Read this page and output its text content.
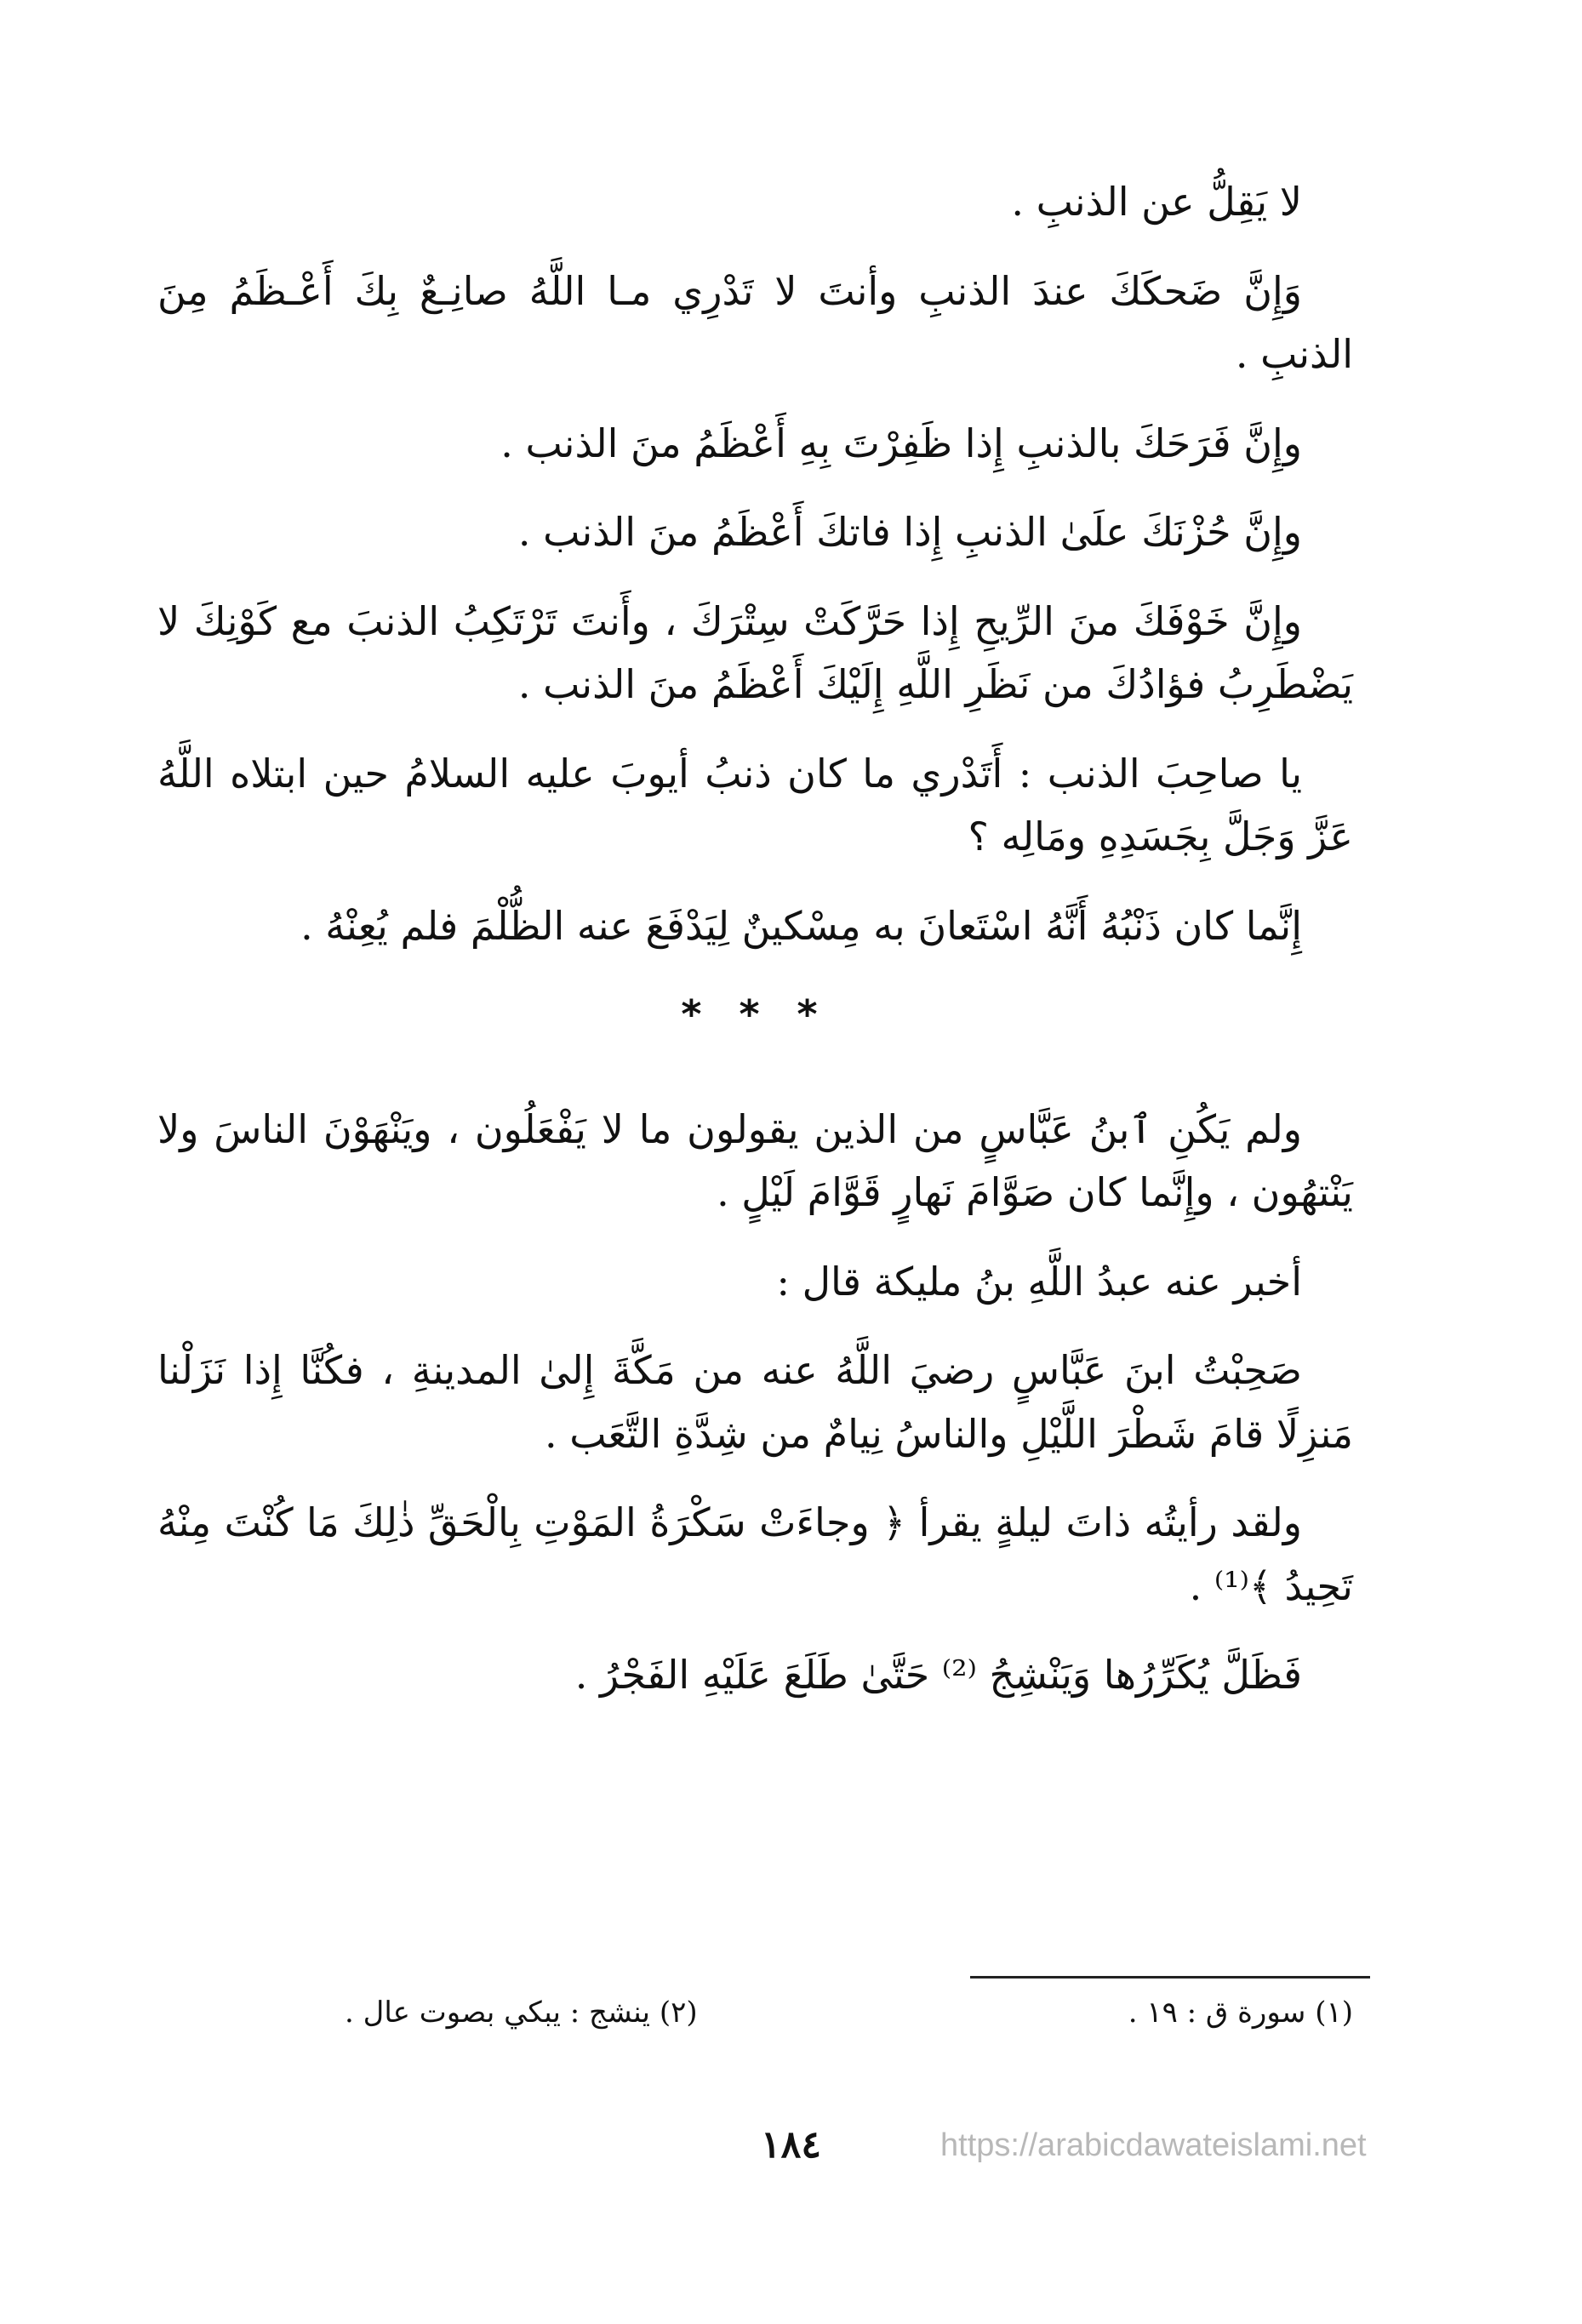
لا يَقِلُّ عن الذنبِ .

وَإِنَّ ضَحكَكَ عندَ الذنبِ وأنتَ لا تَدْرِي مـا اللَّهُ صانِـعٌ بِكَ أَعْـظَمُ مِنَ الذنبِ .

وإِنَّ فَرَحَكَ بالذنبِ إِذا ظَفِرْتَ بِهِ أَعْظَمُ منَ الذنب .

وإِنَّ حُزْنَكَ علَىٰ الذنبِ إِذا فاتكَ أَعْظَمُ منَ الذنب .

وإِنَّ خَوْفَكَ منَ الرِّيحِ إِذا حَرَّكَتْ سِتْرَكَ ، وأَنتَ تَرْتَكِبُ الذنبَ مع كَوْنِكَ لا يَضْطَرِبُ فؤادُكَ من نَظَرِ اللَّهِ إِلَيْكَ أَعْظَمُ منَ الذنب .

يا صاحِبَ الذنب : أَتَدْري ما كان ذنبُ أيوبَ عليه السلامُ حين ابتلاه اللَّهُ عَزَّ وَجَلَّ بِجَسَدِهِ ومَالِه ؟

إِنَّما كان ذَنْبُهُ أَنَّهُ اسْتَعانَ به مِسْكينٌ لِيَدْفَعَ عنه الظُّلْمَ فلم يُعِنْهُ .

* * *

ولم يَكُنِ ٱبنُ عَبَّاسٍ من الذين يقولون ما لا يَفْعَلُون ، ويَنْهَوْنَ الناسَ ولا يَنْتهُون ، وإِنَّما كان صَوَّامَ نَهارٍ قَوَّامَ لَيْلٍ .

أخبر عنه عبدُ اللَّهِ بنُ مليكة قال :

صَحِبْتُ ابنَ عَبَّاسٍ رضيَ اللَّهُ عنه من مَكَّةَ إِلىٰ المدينةِ ، فكُنَّا إِذا نَزَلْنا مَنزِلًا قامَ شَطْرَ اللَّيْلِ والناسُ نِيامٌ من شِدَّةِ التَّعَب .

ولقد رأيتُه ذاتَ ليلةٍ يقرأ ﴿ وجاءَتْ سَكْرَةُ المَوْتِ بِالْحَقِّ ذٰلِكَ مَا كُنْتَ مِنْهُ تَحِيدُ ﴾⁽¹⁾ .

فَظَلَّ يُكَرِّرُها وَيَنْشِجُ ⁽²⁾ حَتَّىٰ طَلَعَ عَلَيْهِ الفَجْرُ .

(١) سورة ق : ١٩ .
(٢) ينشج : يبكي بصوت عال .
١٨٤	https://arabicdawateislami.net
